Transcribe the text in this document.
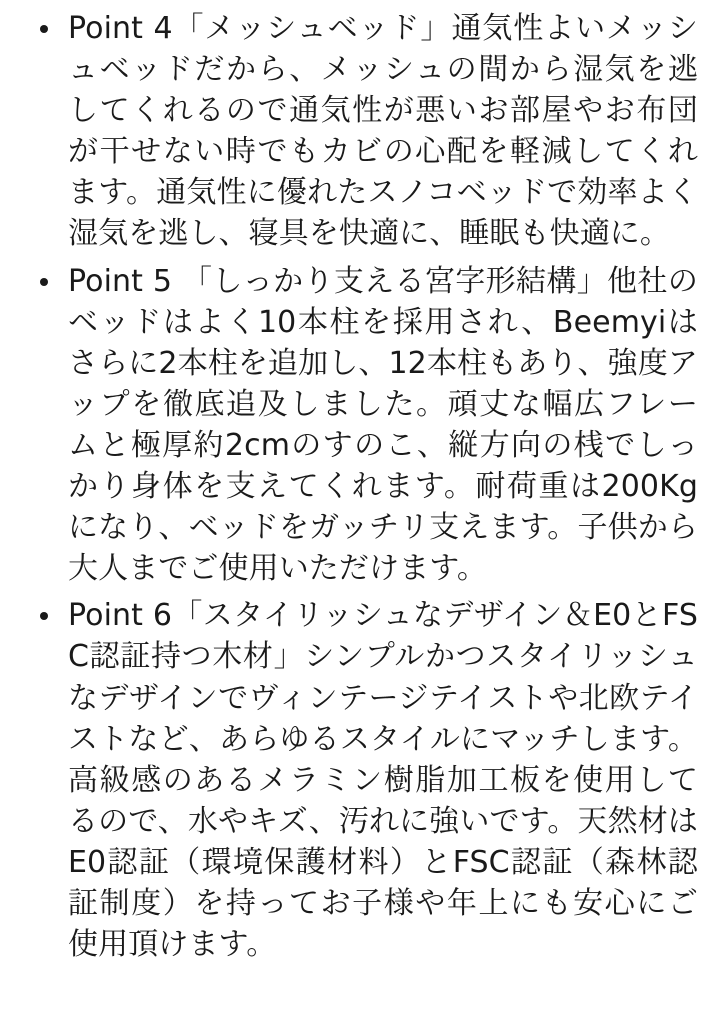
Point 4「メッシュベッド」通気性よいメッシュベッドだから、メッシュの間から湿気を逃してくれるので通気性が悪いお部屋やお布団が干せない時でもカビの心配を軽減してくれます。通気性に優れたスノコベッドで効率よく湿気を逃し、寝具を快適に、睡眠も快適に。
Point 5 「しっかり支える宮字形結構」他社のベッドはよく10本柱を採用され、Beemyiはさらに2本柱を追加し、12本柱もあり、強度アップを徹底追及しました。頑丈な幅広フレームと極厚約2cmのすのこ、縦方向の桟でしっかり身体を支えてくれます。耐荷重は200Kgになり、ベッドをガッチリ支えます。子供から大人までご使用いただけます。
Point 6「スタイリッシュなデザイン＆E0とFSC認証持つ木材」シンプルかつスタイリッシュなデザインでヴィンテージテイストや北欧テイストなど、あらゆるスタイルにマッチします。高級感のあるメラミン樹脂加工板を使用してるので、水やキズ、汚れに強いです。天然材はE0認証（環境保護材料）とFSC認証（森林認証制度）を持ってお子様や年上にも安心にご使用頂けます。
